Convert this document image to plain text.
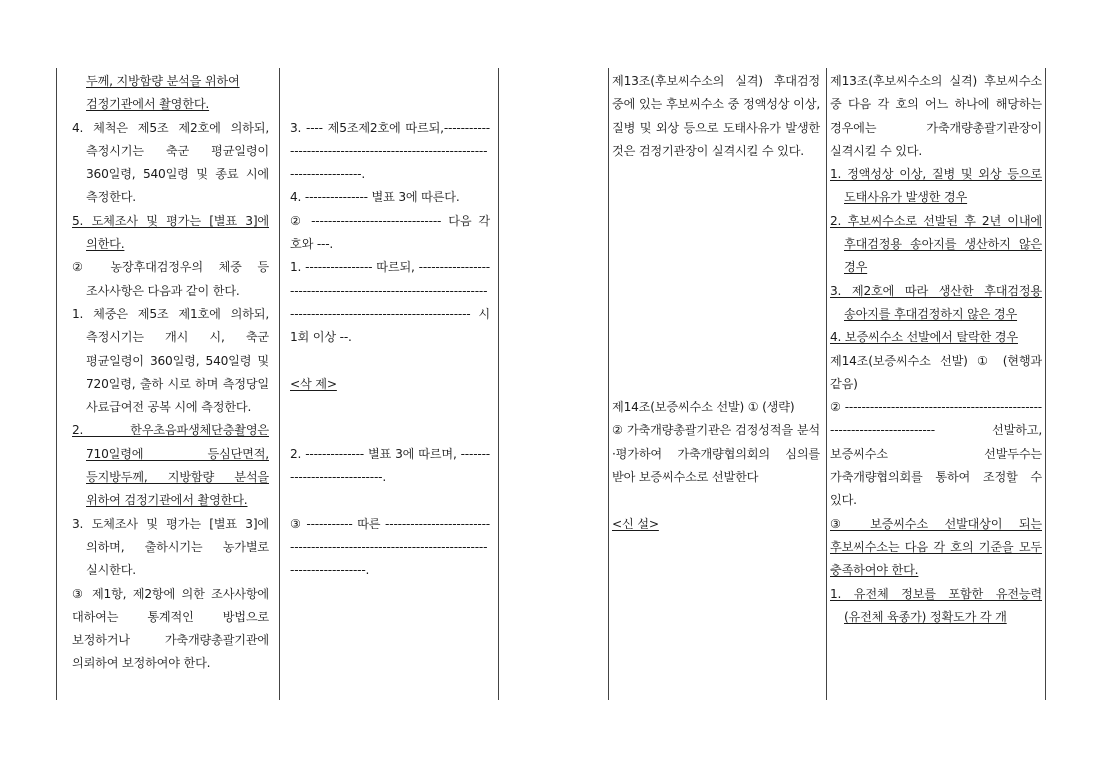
두께, 지방함량 분석을 위하여

검정기관에서 촬영한다.

4. 체척은 제5조 제2호에 의하되, 측정시기는 축군 평균일령이 360일령, 540일령 및 종료 시에 측정한다.

5. 도체조사 및 평가는 [별표 3]에 의한다.

② 농장후대검정우의 체중 등 조사사항은 다음과 같이 한다.

1. 체중은 제5조 제1호에 의하되, 측정시기는 개시 시, 축군 평균일령이 360일령, 540일령 및 720일령, 출하 시로 하며 측정당일 사료급여전 공복 시에 측정한다.

2. 한우초음파생체단층촬영은 710일령에 등심단면적, 등지방두께, 지방함량 분석을 위하여 검정기관에서 촬영한다.

3. 도체조사 및 평가는 [별표 3]에 의하며, 출하시기는 농가별로 실시한다.

③ 제1항, 제2항에 의한 조사사항에 대하여는 통계적인 방법으로 보정하거나 가축개량총괄기관에 의뢰하여 보정하여야 한다.

3. ---- 제5조제2호에 따르되,---------------------------------------------------------------------------.

4. --------------- 별표 3에 따른다.

② ------------------------------- 다음 각 호와 ---.

1. ---------------- 따르되, ----------------------------------------------------------------------------------------------------------- 시 1회 이상 --.

<삭 제>

2. -------------- 별표 3에 따르며, -----------------------------.

③ ----------- 따른 ------------------------------------------------------------------------------------------.

제13조(후보씨수소의 실격) 후대검정 중에 있는 후보씨수소 중 정액성상 이상, 질병 및 외상 등으로 도태사유가 발생한 것은 검정기관장이 실격시킬 수 있다.

제14조(보증씨수소 선발) ① (생략)

② 가축개량총괄기관은 검정성적을 분석·평가하여 가축개량협의회의 심의를 받아 보증씨수소로 선발한다

<신 설>

제13조(후보씨수소의 실격) 후보씨수소 중 다음 각 호의 어느 하나에 해당하는 경우에는 가축개량총괄기관장이 실격시킬 수 있다.

1. 정액성상 이상, 질병 및 외상 등으로 도태사유가 발생한 경우

2. 후보씨수소로 선발된 후 2년 이내에 후대검정용 송아지를 생산하지 않은 경우

3. 제2호에 따라 생산한 후대검정용 송아지를 후대검정하지 않은 경우

4. 보증씨수소 선발에서 탈락한 경우

제14조(보증씨수소 선발) ① (현행과 같음)

② ------------------------------------------------------------------------ 선발하고, 보증씨수소 선발두수는 가축개량협의회를 통하여 조정할 수 있다.

③ 보증씨수소 선발대상이 되는 후보씨수소는 다음 각 호의 기준을 모두 충족하여야 한다.

1. 유전체 정보를 포함한 유전능력(유전체 육종가) 정확도가 각 개
